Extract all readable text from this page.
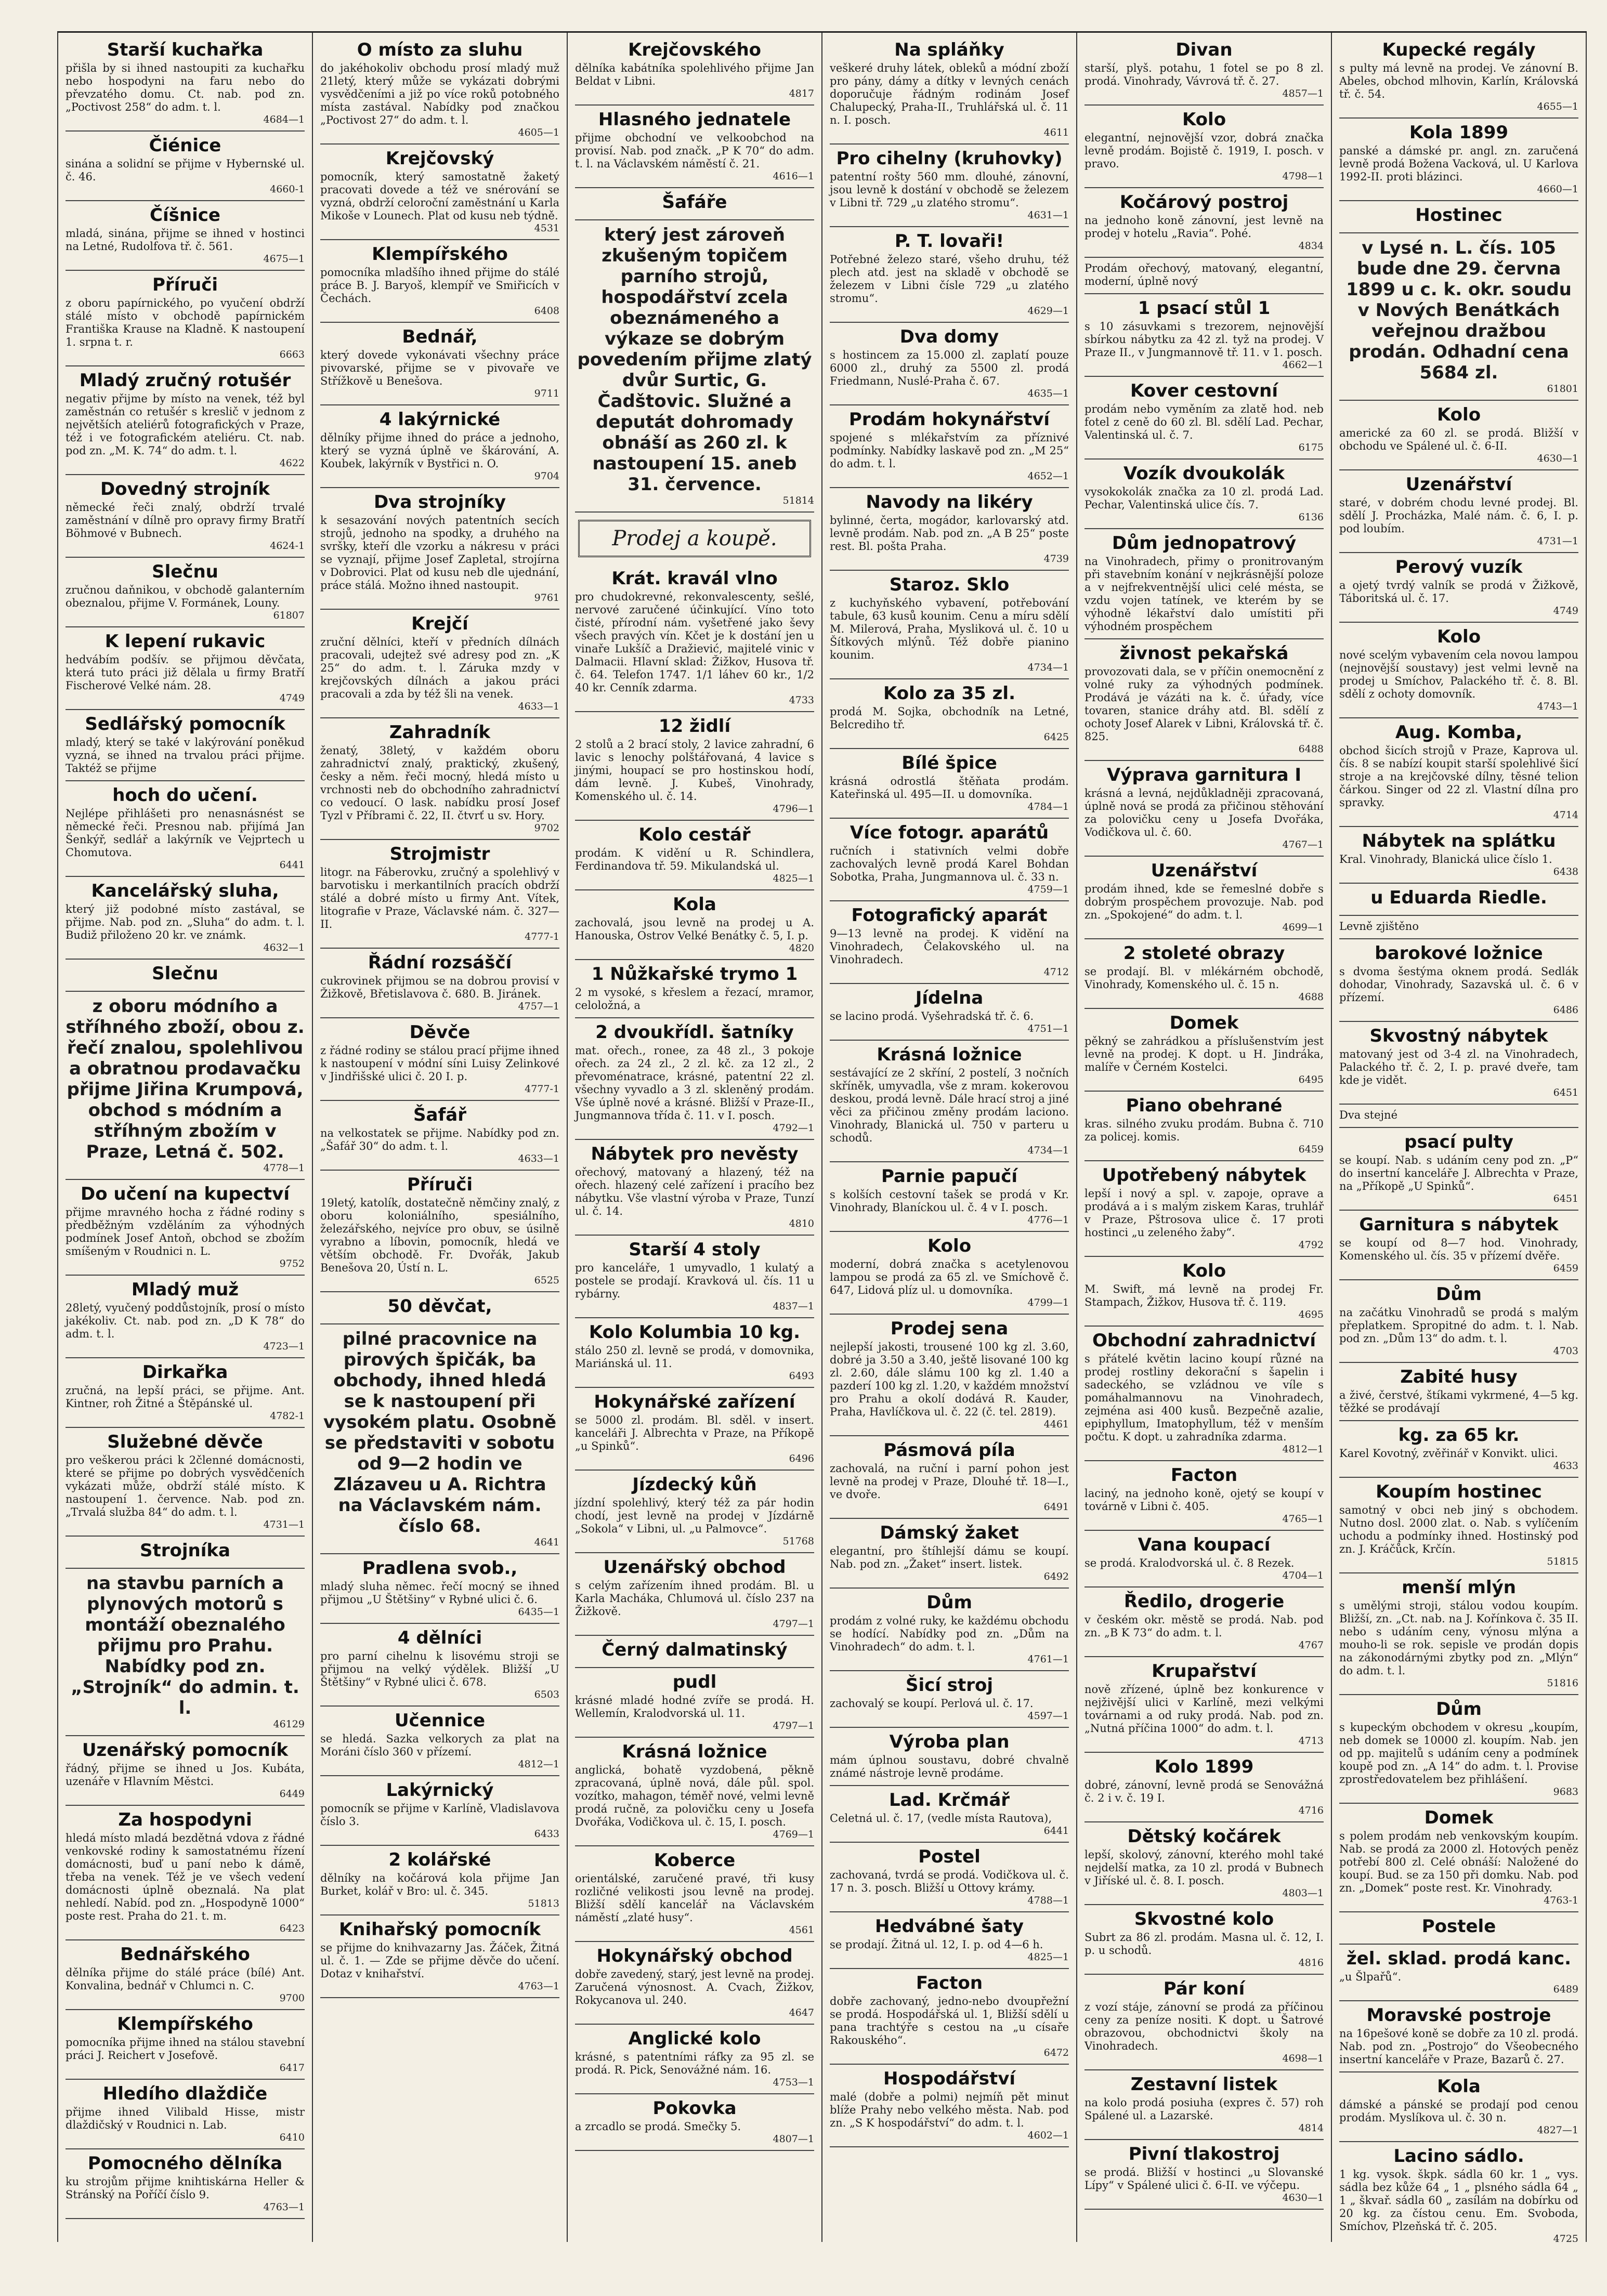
Starší kuchařka

přišla by si ihned nastoupiti za kuchařku nebo hospodyni na faru nebo do převzatého domu. Ct. nab. pod zn. „Poctivost 258“ do adm. t. l.

4684—1
Čiénice

sinána a solidní se přijme v Hybernské ul. č. 46.

4660-1
Číšnice

mladá, sinána, přijme se ihned v hostinci na Letné, Rudolfova tř. č. 561.

4675—1
Příruči

z oboru papírnického, po vyučení obdrží stálé místo v obchodě papírnickém Františka Krause na Kladně. K nastoupení 1. srpna t. r.

6663
Mladý zručný rotušér

negativ přijme by místo na venek, též byl zaměstnán co retušér s kreslič v jednom z největších ateliérů fotografických v Praze, též i ve fotografickém ateliéru. Ct. nab. pod zn. „M. K. 74“ do adm. t. l.

4622
Dovedný strojník

německé řeči znalý, obdrží trvalé zaměstnání v dílně pro opravy firmy Bratří Böhmové v Bubnech.

4624-1
Slečnu

zručnou daňnikou, v obchodě galanterním obeznalou, přijme V. Formánek, Louny.

61807
K lepení rukavic

hedvábím podšív. se přijmou děvčata, která tuto práci již dělala u firmy Bratří Fischerové Velké nám. 28.

4749
Sedlářský pomocník

mladý, který se také v lakýrování poněkud vyzná, se ihned na trvalou práci přijme. Taktéž se přijme

hoch do učení.

Nejlépe přihlášeti pro nenasnásnést se německé řeči. Presnou nab. přijímá Jan Šenkýř, sedlář a lakýrník ve Vejprtech u Chomutova.

6441
Kancelářský sluha,

který již podobné místo zastával, se přijme. Nab. pod zn. „Sluha“ do adm. t. l. Budiž přiloženo 20 kr. ve známk.

4632—1
Slečnu

z oboru módního a stříhného zboží, obou z. řečí znalou, spolehlivou a obratnou prodavačku přijme Jiřina Krumpová, obchod s módním a stříhným zbožím v Praze, Letná č. 502.

4778—1
Do učení na kupectví

přijme mravného hocha z řádné rodiny s předběžným vzděláním za výhodných podmínek Josef Antoň, obchod se zbožím smíšeným v Roudnici n. L.

9752
Mladý muž

28letý, vyučený poddůstojník, prosí o místo jakékoliv. Ct. nab. pod zn. „D K 78“ do adm. t. l.

4723—1
Dirkařka

zručná, na lepší práci, se přijme. Ant. Kintner, roh Žitné a Štěpánské ul.

4782-1
Služebné děvče

pro veškerou práci k 2členné domácnosti, které se přijme po dobrých vysvědčeních vykázati může, obdrží stálé místo. K nastoupení 1. července. Nab. pod zn. „Trvalá služba 84“ do adm. t. l.

4731—1
Strojníka

na stavbu parních a plynových motorů s montáží obeznalého přijmu pro Prahu. Nabídky pod zn. „Strojník“ do admin. t. l.

46129
Uzenářský pomocník

řádný, přijme se ihned u Jos. Kubáta, uzenáře v Hlavním Městci.

6449
Za hospodyni

hledá místo mladá bezdětná vdova z řádné venkovské rodiny k samostatnému řízení domácnosti, buď u paní nebo k dámě, třeba na venek. Též je ve všech vedení domácnosti úplně obeznalá. Na plat nehledí. Nabíd. pod zn. „Hospodyně 1000“ poste rest. Praha do 21. t. m.

6423
Bednářského

dělníka přijme do stálé práce (bílé) Ant. Konvalina, bednář v Chlumci n. C.

9700
Klempířského

pomocníka přijme ihned na stálou stavební práci J. Reichert v Josefově.

6417
Hledího dlaždiče

přijme ihned Vilibald Hisse, mistr dlaždičský v Roudnici n. Lab.

6410
Pomocného dělníka

ku strojům přijme knihtiskárna Heller & Stránský na Poříčí číslo 9.

4763—1
O místo za sluhu

do jakéhokoliv obchodu prosí mladý muž 21letý, který může se vykázati dobrými vysvědčeními a již po více roků potobného místa zastával. Nabídky pod značkou „Poctivost 27“ do adm. t. l.

4605—1
Krejčovský

pomocník, který samostatně žaketý pracovati dovede a též ve snérování se vyzná, obdrží celoroční zaměstnání u Karla Mikoše v Lounech. Plat od kusu neb týdně.

4531
Klempířského

pomocníka mladšího ihned přijme do stálé práce B. J. Baryoš, klempíř ve Smiřicích v Čechách.

6408
Bednář,

který dovede vykonávati všechny práce pivovarské, přijme se v pivovaře ve Střížkově u Benešova.

9711
4 lakýrnické

dělníky přijme ihned do práce a jednoho, který se vyzná úplně ve škárování, A. Koubek, lakýrník v Bystřici n. O.

9704
Dva strojníky

k sesazování nových patentních secích strojů, jednoho na spodky, a druhého na svršky, kteří dle vzorku a nákresu v práci se vyznají, přijme Josef Zapletal, strojírna v Dobrovici. Plat od kusu neb dle ujednání, práce stálá. Možno ihned nastoupit.

9761
Krejčí

zruční dělníci, kteří v předních dílnách pracovali, udejtež své adresy pod zn. „K 25“ do adm. t. l. Záruka mzdy v krejčovských dílnách a jakou práci pracovali a zda by též šli na venek.

4633—1
Zahradník

ženatý, 38letý, v každém oboru zahradnictví znalý, praktický, zkušený, česky a něm. řeči mocný, hledá místo u vrchnosti neb do obchodního zahradnictví co vedoucí. O lask. nabídku prosí Josef Tyzl v Příbrami č. 22, II. čtvrť u sv. Hory.

9702
Strojmistr

litogr. na Fáberovku, zručný a spolehlivý v barvotisku i merkantilních pracích obdrží stálé a dobré místo u firmy Ant. Vítek, litografie v Praze, Václavské nám. č. 327—II.

4777-1
Řádní rozsáščí

cukrovinek přijmou se na dobrou provisí v Žižkově, Břetislavova č. 680. B. Jiránek.

4757—1
Děvče

z řádné rodiny se stálou prací přijme ihned k nastoupení v módní síni Luisy Zelinkové v Jindřišské ulici č. 20 I. p.

4777-1
Šafář

na velkostatek se přijme. Nabídky pod zn. „Šafář 30“ do adm. t. l.

4633—1
Příruči

19letý, katolík, dostatečně němčiny znalý, z oboru koloniálního, spesiálního, železářského, nejvíce pro obuv, se úsilně vyrabno a líbovin, pomocník, hledá ve větším obchodě. Fr. Dvořák, Jakub Benešova 20, Ústí n. L.

6525
50 děvčat,

pilné pracovnice na pirových špičák, ba obchody, ihned hledá se k nastoupení při vysokém platu. Osobně se představiti v sobotu od 9—2 hodin ve Zlázaveu u A. Richtra na Václavském nám. číslo 68.

4641
Pradlena svob.,

mladý sluha němec. řečí mocný se ihned přijmou „U Štětšiny“ v Rybné ulici č. 6.

6435—1
4 dělníci

pro parní cihelnu k lisovému stroji se přijmou na velký výdělek. Bližší „U Štětšiny“ v Rybné ulici č. 678.

6503
Učennice

se hledá. Sazka velkorych za plat na Moráni číslo 360 v přízemí.

4812—1
Lakýrnický

pomocník se přijme v Karlíně, Vladislavova číslo 3.

6433
2 kolářské

dělníky na kočárová kola přijme Jan Burket, kolář v Bro: ul. č. 345.

51813
Knihařský pomocník

se přijme do knihvazarny Jas. Žáček, Žitná ul. č. 1. — Zde se přijme děvče do učení. Dotaz v knihařství.

4763—1
Krejčovského

dělníka kabátníka spolehlivého přijme Jan Beldat v Libni.

4817
Hlasného jednatele

přijme obchodní ve velkoobchod na provisí. Nab. pod značk. „P K 70“ do adm. t. l. na Václavském náměstí č. 21.

4616—1
Šafáře

který jest zároveň zkušeným topičem parního strojů, hospodářství zcela obeznámeného a výkaze se dobrým povedením přijme zlatý dvůr Surtic, G. Čadštovic. Služné a deputát dohromady obnáší as 260 zl. k nastoupení 15. aneb 31. července.

51814
Prodej a koupě.
Krát. kravál vlno

pro chudokrevné, rekonvalescenty, sešlé, nervové zaručené účinkující. Víno toto čisté, přírodní nám. vyšetřené jako ševy všech pravých vín. Kčet je k dostání jen u vinaře Lukšíč a Dražiević, majitelé vinic v Dalmacii. Hlavní sklad: Žižkov, Husova tř. č. 64. Telefon 1747. 1/1 láhev 60 kr., 1/2 40 kr. Cenník zdarma.

4733
12 židlí

2 stolů a 2 brací stoly, 2 lavice zahradní, 6 lavic s lenochy polštářovaná, 4 lavice s jinými, houpací se pro hostinskou hodí, dám levně. J. Kubeš, Vinohrady, Komenského ul. č. 14.

4796—1
Kolo cestář

prodám. K vidění u R. Schindlera, Ferdinandova tř. 59. Mikulandská ul.

4825—1
Kola

zachovalá, jsou levně na prodej u A. Hanouska, Ostrov Velké Benátky č. 5, I. p.

4820
1 Nůžkařské trymo 1

2 m vysoké, s křeslem a řezací, mramor, celoložná, a

2 dvoukřídl. šatníky

mat. ořech., ronee, za 48 zl., 3 pokoje ořech. za 24 zl., 2 zl. kč. za 12 zl., 2 převoménatrace, krásné, patentní 22 zl. všechny vyvadlo a 3 zl. skleněný prodám. Vše úplně nové a krásné. Bližší v Praze-II., Jungmannova třída č. 11. v I. posch.

4792—1
Nábytek pro nevěsty

ořechový, matovaný a hlazený, též na ořech. hlazený celé zařízení i pracího bez nábytku. Vše vlastní výroba v Praze, Tunzí ul. č. 14.

4810
Starší 4 stoly

pro kanceláře, 1 umyvadlo, 1 kulatý a postele se prodají. Kravková ul. čís. 11 u rybárny.

4837—1
Kolo Kolumbia 10 kg.

stálo 250 zl. levně se prodá, v domovnika, Mariánská ul. 11.

6493
Hokynářské zařízení

se 5000 zl. prodám. Bl. sděl. v insert. kanceláři J. Albrechta v Praze, na Příkopě „u Spinků“.

6496
Jízdecký kůň

jízdní spolehlivý, který též za pár hodin chodí, jest levně na prodej v Jízdárně „Sokola“ v Libni, ul. „u Palmovce“.

51768
Uzenářský obchod

s celým zařízením ihned prodám. Bl. u Karla Macháka, Chlumová ul. číslo 237 na Žižkově.

4797—1
Černý dalmatinský
pudl

krásné mladé hodné zvíře se prodá. H. Wellemín, Kralodvorská ul. 11.

4797—1
Krásná ložnice

anglická, bohatě vyzdobená, pěkně zpracovaná, úplně nová, dále půl. spol. vozítko, mahagon, téměř nové, velmi levně prodá ručně, za polovičku ceny u Josefa Dvořáka, Vodičkova ul. č. 15, I. posch.

4769—1
Koberce

orientálské, zaručené pravé, tři kusy rozličné velikosti jsou levně na prodej. Bližší sdělí kancelář na Václavském náměstí „zlaté husy“.

4561
Hokynářský obchod

dobře zavedený, starý, jest levně na prodej. Zaručená výnosnost. A. Cvach, Žižkov, Rokycanova ul. 240.

4647
Anglické kolo

krásné, s patentními ráfky za 95 zl. se prodá. R. Pick, Senovážné nám. 16.

4753—1
Pokovka

a zrcadlo se prodá. Smečky 5.

4807—1
Na spláňky

veškeré druhy látek, obleků a módní zboží pro pány, dámy a dítky v levných cenách doporučuje řádným rodinám Josef Chalupecký, Praha-II., Truhlářská ul. č. 11 n. I. posch.

4611
Pro cihelny (kruhovky)

patentní rošty 560 mm. dlouhé, zánovní, jsou levně k dostání v obchodě se železem v Libni tř. 729 „u zlatého stromu“.

4631—1
P. T. lovaři!

Potřebné železo staré, všeho druhu, též plech atd. jest na skladě v obchodě se železem v Libni čísle 729 „u zlatého stromu“.

4629—1
Dva domy

s hostincem za 15.000 zl. zaplatí pouze 6000 zl., druhý za 5500 zl. prodá Friedmann, Nuslé-Praha č. 67.

4635—1
Prodám hokynářství

spojené s mlékařstvím za příznivé podmínky. Nabídky laskavě pod zn. „M 25“ do adm. t. l.

4652—1
Navody na likéry

bylinné, čerta, mogádor, karlovarský atd. levně prodám. Nab. pod zn. „A B 25“ poste rest. Bl. pošta Praha.

4739
Staroz. Sklo

z kuchyňského vybavení, potřebování tabule, 63 kusů kounim. Cenu a míru sdělí M. Milerová, Praha, Mysliková ul. č. 10 u Šítkových mlýnů. Též dobře pianino kounim.

4734—1
Kolo za 35 zl.

prodá M. Sojka, obchodník na Letné, Belcrediho tř.

6425
Bílé špice

krásná odrostlá štěňata prodám. Kateřinská ul. 495—II. u domovníka.

4784—1
Více fotogr. aparátů

ručních i stativních velmi dobře zachovalých levně prodá Karel Bohdan Sobotka, Praha, Jungmannova ul. č. 33 n.

4759—1
Fotografický aparát

9—13 levně na prodej. K vidění na Vinohradech, Čelakovského ul. na Vinohradech.

4712
Jídelna

se lacino prodá. Vyšehradská tř. č. 6.

4751—1
Krásná ložnice

sestávající ze 2 skříní, 2 postelí, 3 nočních skříněk, umyvadla, vše z mram. kokerovou deskou, prodá levně. Dále hrací stroj a jiné věci za přičinou změny prodám laciono. Vinohrady, Blanická ul. 750 v parteru u schodů.

4734—1
Parnie papučí

s kolších cestovní tašek se prodá v Kr. Vinohrady, Blaníckou ul. č. 4 v I. posch.

4776—1
Kolo

moderní, dobrá značka s acetylenovou lampou se prodá za 65 zl. ve Smíchově č. 647, Lidová plíz ul. u domovníka.

4799—1
Prodej sena

nejlepší jakosti, trousené 100 kg zl. 3.60, dobré ja 3.50 a 3.40, ještě lisované 100 kg zl. 2.60, dále slámu 100 kg zl. 1.40 a pazderí 100 kg zl. 1.20, v každém množství pro Prahu a okolí dodává R. Kauder, Praha, Havlíčkova ul. č. 22 (č. tel. 2819).

4461
Pásmová píla

zachovalá, na ruční i parní pohon jest levně na prodej v Praze, Dlouhé tř. 18—I., ve dvoře.

6491
Dámský žaket

elegantní, pro štíhlejší dámu se koupí. Nab. pod zn. „Žaket“ insert. listek.

6492
Dům

prodám z volné ruky, ke každému obchodu se hodící. Nabídky pod zn. „Dům na Vinohradech“ do adm. t. l.

4761—1
Šicí stroj

zachovalý se koupí. Perlová ul. č. 17.

4597—1
Výroba plan

mám úplnou soustavu, dobré chvalně známé nástroje levně prodáme.

Lad. Krčmář

Celetná ul. č. 17, (vedle místa Rautova),

6441
Postel

zachovaná, tvrdá se prodá. Vodičkova ul. č. 17 n. 3. posch. Bližší u Ottovy krámy.

4788—1
Hedvábné šaty

se prodají. Žitná ul. 12, I. p. od 4—6 h.

4825—1
Facton

dobře zachovaný, jedno-nebo dvoupřežní se prodá. Hospodářská ul. 1, Bližší sdělí u pana trachtýře s cestou na „u císaře Rakouského“.

6472
Hospodářství

malé (dobře a polmi) nejmíň pět minut blíže Prahy nebo velkého města. Nab. pod zn. „S K hospodářství“ do adm. t. l.

4602—1
Divan

starší, plyš. potahu, 1 fotel se po 8 zl. prodá. Vinohrady, Vávrová tř. č. 27.

4857—1
Kolo

elegantní, nejnovější vzor, dobrá značka levně prodám. Bojistě č. 1919, I. posch. v pravo.

4798—1
Kočárový postroj

na jednoho koně zánovní, jest levně na prodej v hotelu „Ravia“. Pohé.

4834

Prodám ořechový, matovaný, elegantní, moderní, úplně nový

1 psací stůl 1

s 10 zásuvkami s trezorem, nejnovější sbírkou nábytku za 42 zl. tyž na prodej. V Praze II., v Jungmannově tř. 11. v 1. posch.

4662—1
Kover cestovní

prodám nebo vyměním za zlatě hod. neb fotel z ceně do 60 zl. Bl. sdělí Lad. Pechar, Valentinská ul. č. 7.

6175
Vozík dvoukolák

vysokokolák značka za 10 zl. prodá Lad. Pechar, Valentinská ulice čís. 7.

6136
Dům jednopatrový

na Vinohradech, přimy o pronitrovaným při stavebním konání v nejkrásnější poloze a v nejfrekventnější ulici celé mésta, se vzdu vojen tatínek, ve kterém by se výhodně lékařství dalo umístiti při výhodném prospěchem

živnost pekařská

provozovati dala, se v příčin onemocnění z volné ruky za výhodných podmínek. Prodává je vázáti na k. č. úřady, více tovaren, stanice dráhy atd. Bl. sdělí z ochoty Josef Alarek v Libni, Královská tř. č. 825.

6488
Výprava garnitura I

krásná a levná, nejdůkladněji zpracovaná, úplně nová se prodá za přičinou stěhování za polovičku ceny u Josefa Dvořáka, Vodičkova ul. č. 60.

4767—1
Uzenářství

prodám ihned, kde se řemeslné dobře s dobrým prospěchem provozuje. Nab. pod zn. „Spokojené“ do adm. t. l.

4699—1
2 stoleté obrazy

se prodají. Bl. v mlékárném obchodě, Vinohrady, Komenského ul. č. 15 n.

4688
Domek

pěkný se zahrádkou a příslušenstvím jest levně na prodej. K dopt. u H. Jindráka, malíře v Černém Kostelci.

6495
Piano obehrané

kras. silného zvuku prodám. Bubna č. 710 za policej. komis.

6459
Upotřebený nábytek

lepší i nový a spl. v. zapoje, oprave a prodává a i s malým ziskem Karas, truhlář v Praze, Pštrosova ulice č. 17 proti hostinci „u zeleného žaby“.

4792
Kolo

M. Swift, má levně na prodej Fr. Stampach, Žižkov, Husova tř. č. 119.

4695
Obchodní zahradnictví

s přátelé květin lacino koupí různé na prodej rostliny dekorační s šapelin i sadeckého, se vzládnou ve víle s pomáhalmannovu na Vinohradech, zejména asi 400 kusů. Bezpečně azalie, epiphyllum, Imatophyllum, též v menším počtu. K dopt. u zahradníka zdarma.

4812—1
Facton

laciný, na jednoho koně, ojetý se koupí v továrně v Libni č. 405.

4765—1
Vana koupací

se prodá. Kralodvorská ul. č. 8 Rezek.

4704—1
Ředilo, drogerie

v českém okr. městě se prodá. Nab. pod zn. „B K 73“ do adm. t. l.

4767
Krupařství

nově zřízené, úplně bez konkurence v nejživější ulici v Karlíně, mezi velkými továrnami a od ruky prodá. Nab. pod zn. „Nutná příčina 1000“ do adm. t. l.

4713
Kolo 1899

dobré, zánovní, levně prodá se Senovážná č. 2 i v. č. 19 I.

4716
Dětský kočárek

lepší, skolový, zánovní, kterého mohl také nejdelší matka, za 10 zl. prodá v Bubnech v Jiříské ul. č. 8. I. posch.

4803—1
Skvostné kolo

Subrt za 86 zl. prodám. Masna ul. č. 12, I. p. u schodů.

4816
Pár koní

z vozí stáje, zánovní se prodá za příčinou ceny za peníze nositi. K dopt. u Šatrové obrazovou, obchodnictvi školy na Vinohradech.

4698—1
Zestavní listek

na kolo prodá posiuha (expres č. 57) roh Spálené ul. a Lazarské.

4814
Pivní tlakostroj

se prodá. Bližší v hostinci „u Slovanské Lípy“ v Spálené ulici č. 6-II. ve výčepu.

4630—1
Kupecké regály

s pulty má levně na prodej. Ve zánovní B. Abeles, obchod mlhovin, Karlín, Královská tř. č. 54.

4655—1
Kola 1899

panské a dámské pr. angl. zn. zaručená levně prodá Božena Vacková, ul. U Karlova 1992-II. proti blázinci.

4660—1
Hostinec

v Lysé n. L. čís. 105 bude dne 29. června 1899 u c. k. okr. soudu v Nových Benátkách veřejnou dražbou prodán. Odhadní cena 5684 zl.

61801
Kolo

americké za 60 zl. se prodá. Bližší v obchodu ve Spálené ul. č. 6-II.

4630—1
Uzenářství

staré, v dobrém chodu levné prodej. Bl. sdělí J. Procházka, Malé nám. č. 6, I. p. pod loubím.

4731—1
Perový vuzík

a ojetý tvrdý valník se prodá v Žižkově, Táboritská ul. č. 17.

4749
Kolo

nové scelým vybavením cela novou lampou (nejnovější soustavy) jest velmi levně na prodej u Smíchov, Palackého tř. č. 8. Bl. sdělí z ochoty domovník.

4743—1
Aug. Komba,

obchod šicích strojů v Praze, Kaprova ul. čís. 8 se nabízí koupit starší spolehlivé šicí stroje a na krejčovské dílny, těsné telion čárkou. Singer od 22 zl. Vlastní dílna pro spravky.

4714
Nábytek na splátku

Kral. Vinohrady, Blanická ulice číslo 1.

6438
u Eduarda Riedle.

Levně zjištěno

barokové ložnice

s dvoma šestýma oknem prodá. Sedlák dohodar, Vinohrady, Sazavská ul. č. 6 v přízemí.

6486
Skvostný nábytek

matovaný jest od 3-4 zl. na Vinohradech, Palackého tř. č. 2, I. p. pravé dveře, tam kde je vidět.

6451

Dva stejné

psací pulty

se koupí. Nab. s udáním ceny pod zn. „P“ do insertní kanceláře J. Albrechta v Praze, na „Příkopě „U Spinků“.

6451
Garnitura s nábytek

se koupí od 8—7 hod. Vinohrady, Komenského ul. čís. 35 v přízemí dvěře.

6459
Dům

na začátku Vinohradů se prodá s malým přeplatkem. Spropitné do adm. t. l. Nab. pod zn. „Dům 13“ do adm. t. l.

4703
Zabité husy

a živé, čerstvé, štíkami vykrmené, 4—5 kg. těžké se prodávají

kg. za 65 kr.

Karel Kovotný, zvěřinář v Konvikt. ulici.

4633
Koupím hostinec

samotný v obci neb jiný s obchodem. Nutno dosl. 2000 zlat. o. Nab. s vylíčením uchodu a podmínky ihned. Hostinský pod zn. J. Kráčůck, Krčín.

51815
menší mlýn

s umělými stroji, stálou vodou koupím. Bližší, zn. „Ct. nab. na J. Kořínkova č. 35 II. nebo s udáním ceny, výnosu mlýna a mouho-li se rok. sepisle ve prodán dopis na zákonodárnými zbytky pod zn. „Mlýn“ do adm. t. l.

51816
Dům

s kupeckým obchodem v okresu „koupím, neb domek se 10000 zl. koupím. Nab. jen od pp. majitelů s udáním ceny a podmínek koupě pod zn. „A 14“ do adm. t. l. Provise zprostředovatelem bez přihlášení.

9683
Domek

s polem prodám neb venkovským koupím. Nab. se prodá za 2000 zl. Hotových peněz potřebí 800 zl. Celé obnáší: Naložené do koupí. Bud. se za 150 při domku. Nab. pod zn. „Domek“ poste rest. Kr. Vinohrady.

4763-1
Postele
žel. sklad. prodá kanc.

„u Šlpařů“.

6489
Moravské postroje

na 16pešové koně se dobře za 10 zl. prodá. Nab. pod zn. „Postrojo“ do Všeobecného insertní kanceláře v Praze, Bazarů č. 27.

Kola

dámské a pánské se prodají pod cenou prodám. Myslíkova ul. č. 30 n.

4827—1
Lacino sádlo.

1 kg. vysok. škpk. sádla 60 kr. 1 „ vys. sádla bez kůže 64 „ 1 „ plsného sádla 64 „ 1 „ škvař. sádla 60 „ zasílám na dobírku od 20 kg. za čístou cenu. Em. Svoboda, Smíchov, Plzeňská tř. č. 205.

4725
